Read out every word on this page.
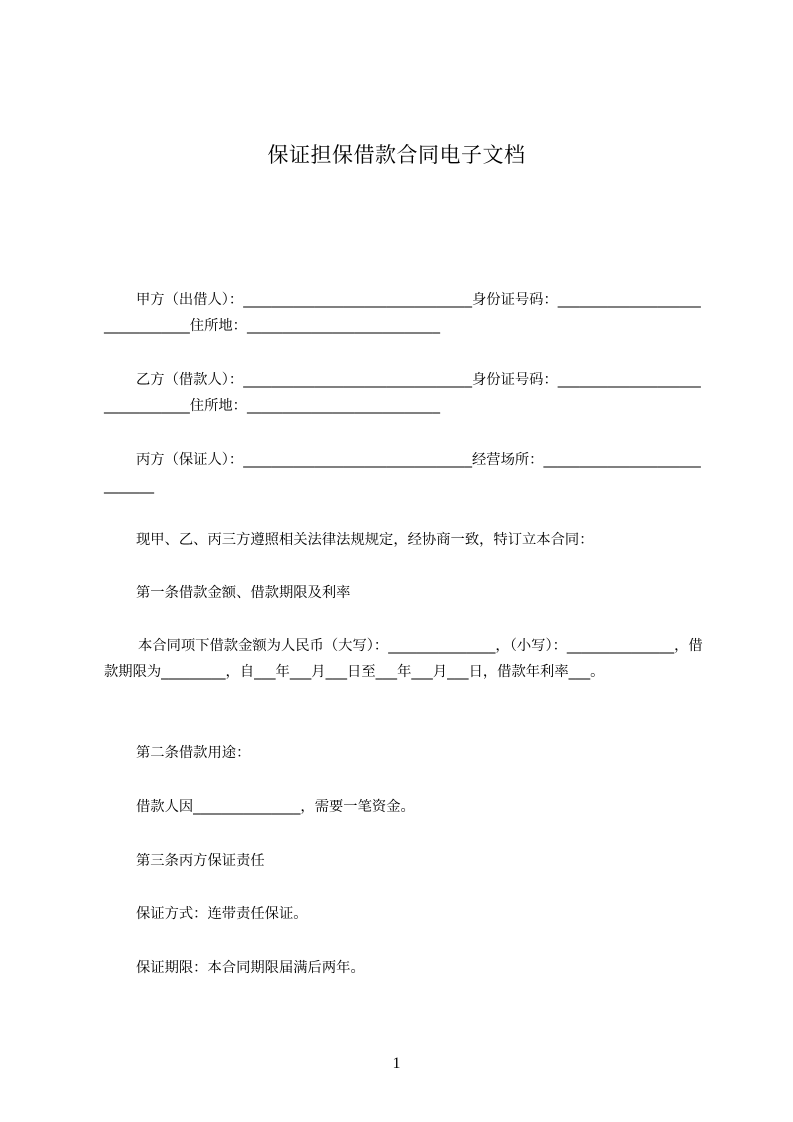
保证担保借款合同电子文档

甲方（出借人）：________________________________身份证号码：________________________________住所地：___________________________

乙方（借款人）：________________________________身份证号码：________________________________住所地：___________________________

丙方（保证人）：________________________________经营场所：_____________________________

现甲、乙、丙三方遵照相关法律法规规定，经协商一致，特订立本合同：

第一条借款金额、借款期限及利率

本合同项下借款金额为人民币（大写）：_______________，（小写）：_______________，借款期限为_________，自___年___月___日至___年___月___日，借款年利率___。

第二条借款用途：

借款人因_______________，需要一笔资金。

第三条丙方保证责任

保证方式：连带责任保证。

保证期限：本合同期限届满后两年。

1
